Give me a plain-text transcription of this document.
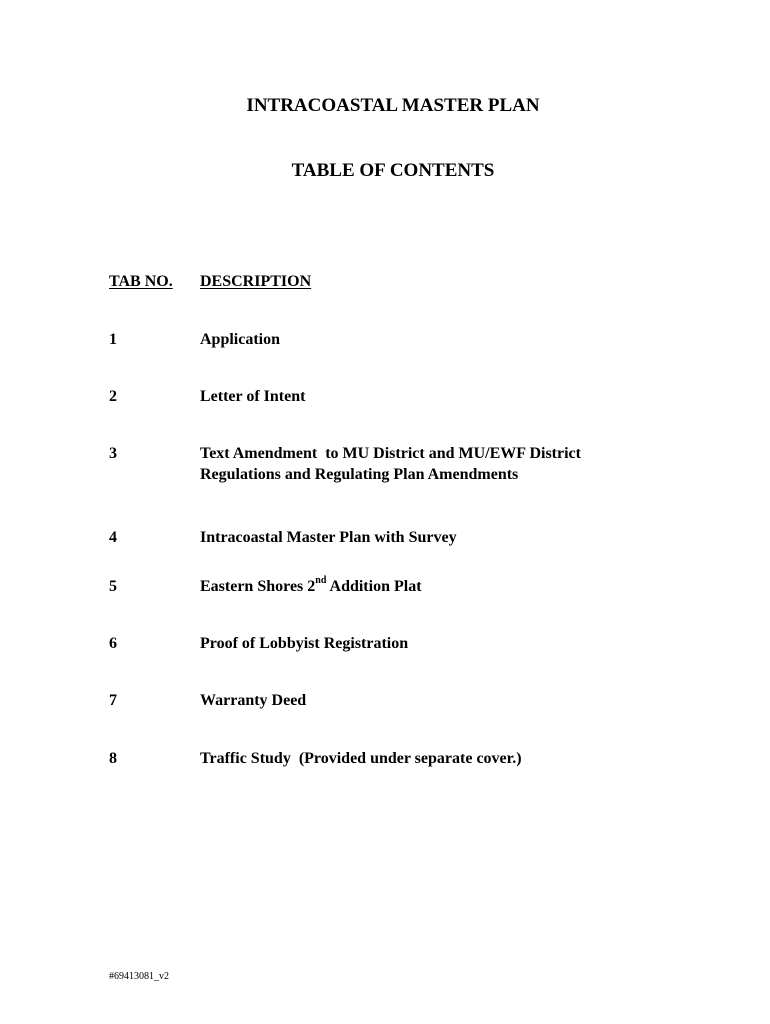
INTRACOASTAL MASTER PLAN
TABLE OF CONTENTS
TAB NO. DESCRIPTION
1	Application
2	Letter of Intent
3	Text Amendment  to MU District and MU/EWF District
Regulations and Regulating Plan Amendments
4	Intracoastal Master Plan with Survey
5	Eastern Shores 2nd Addition Plat
6	Proof of Lobbyist Registration
7	Warranty Deed
8	Traffic Study  (Provided under separate cover.)
#69413081_v2
